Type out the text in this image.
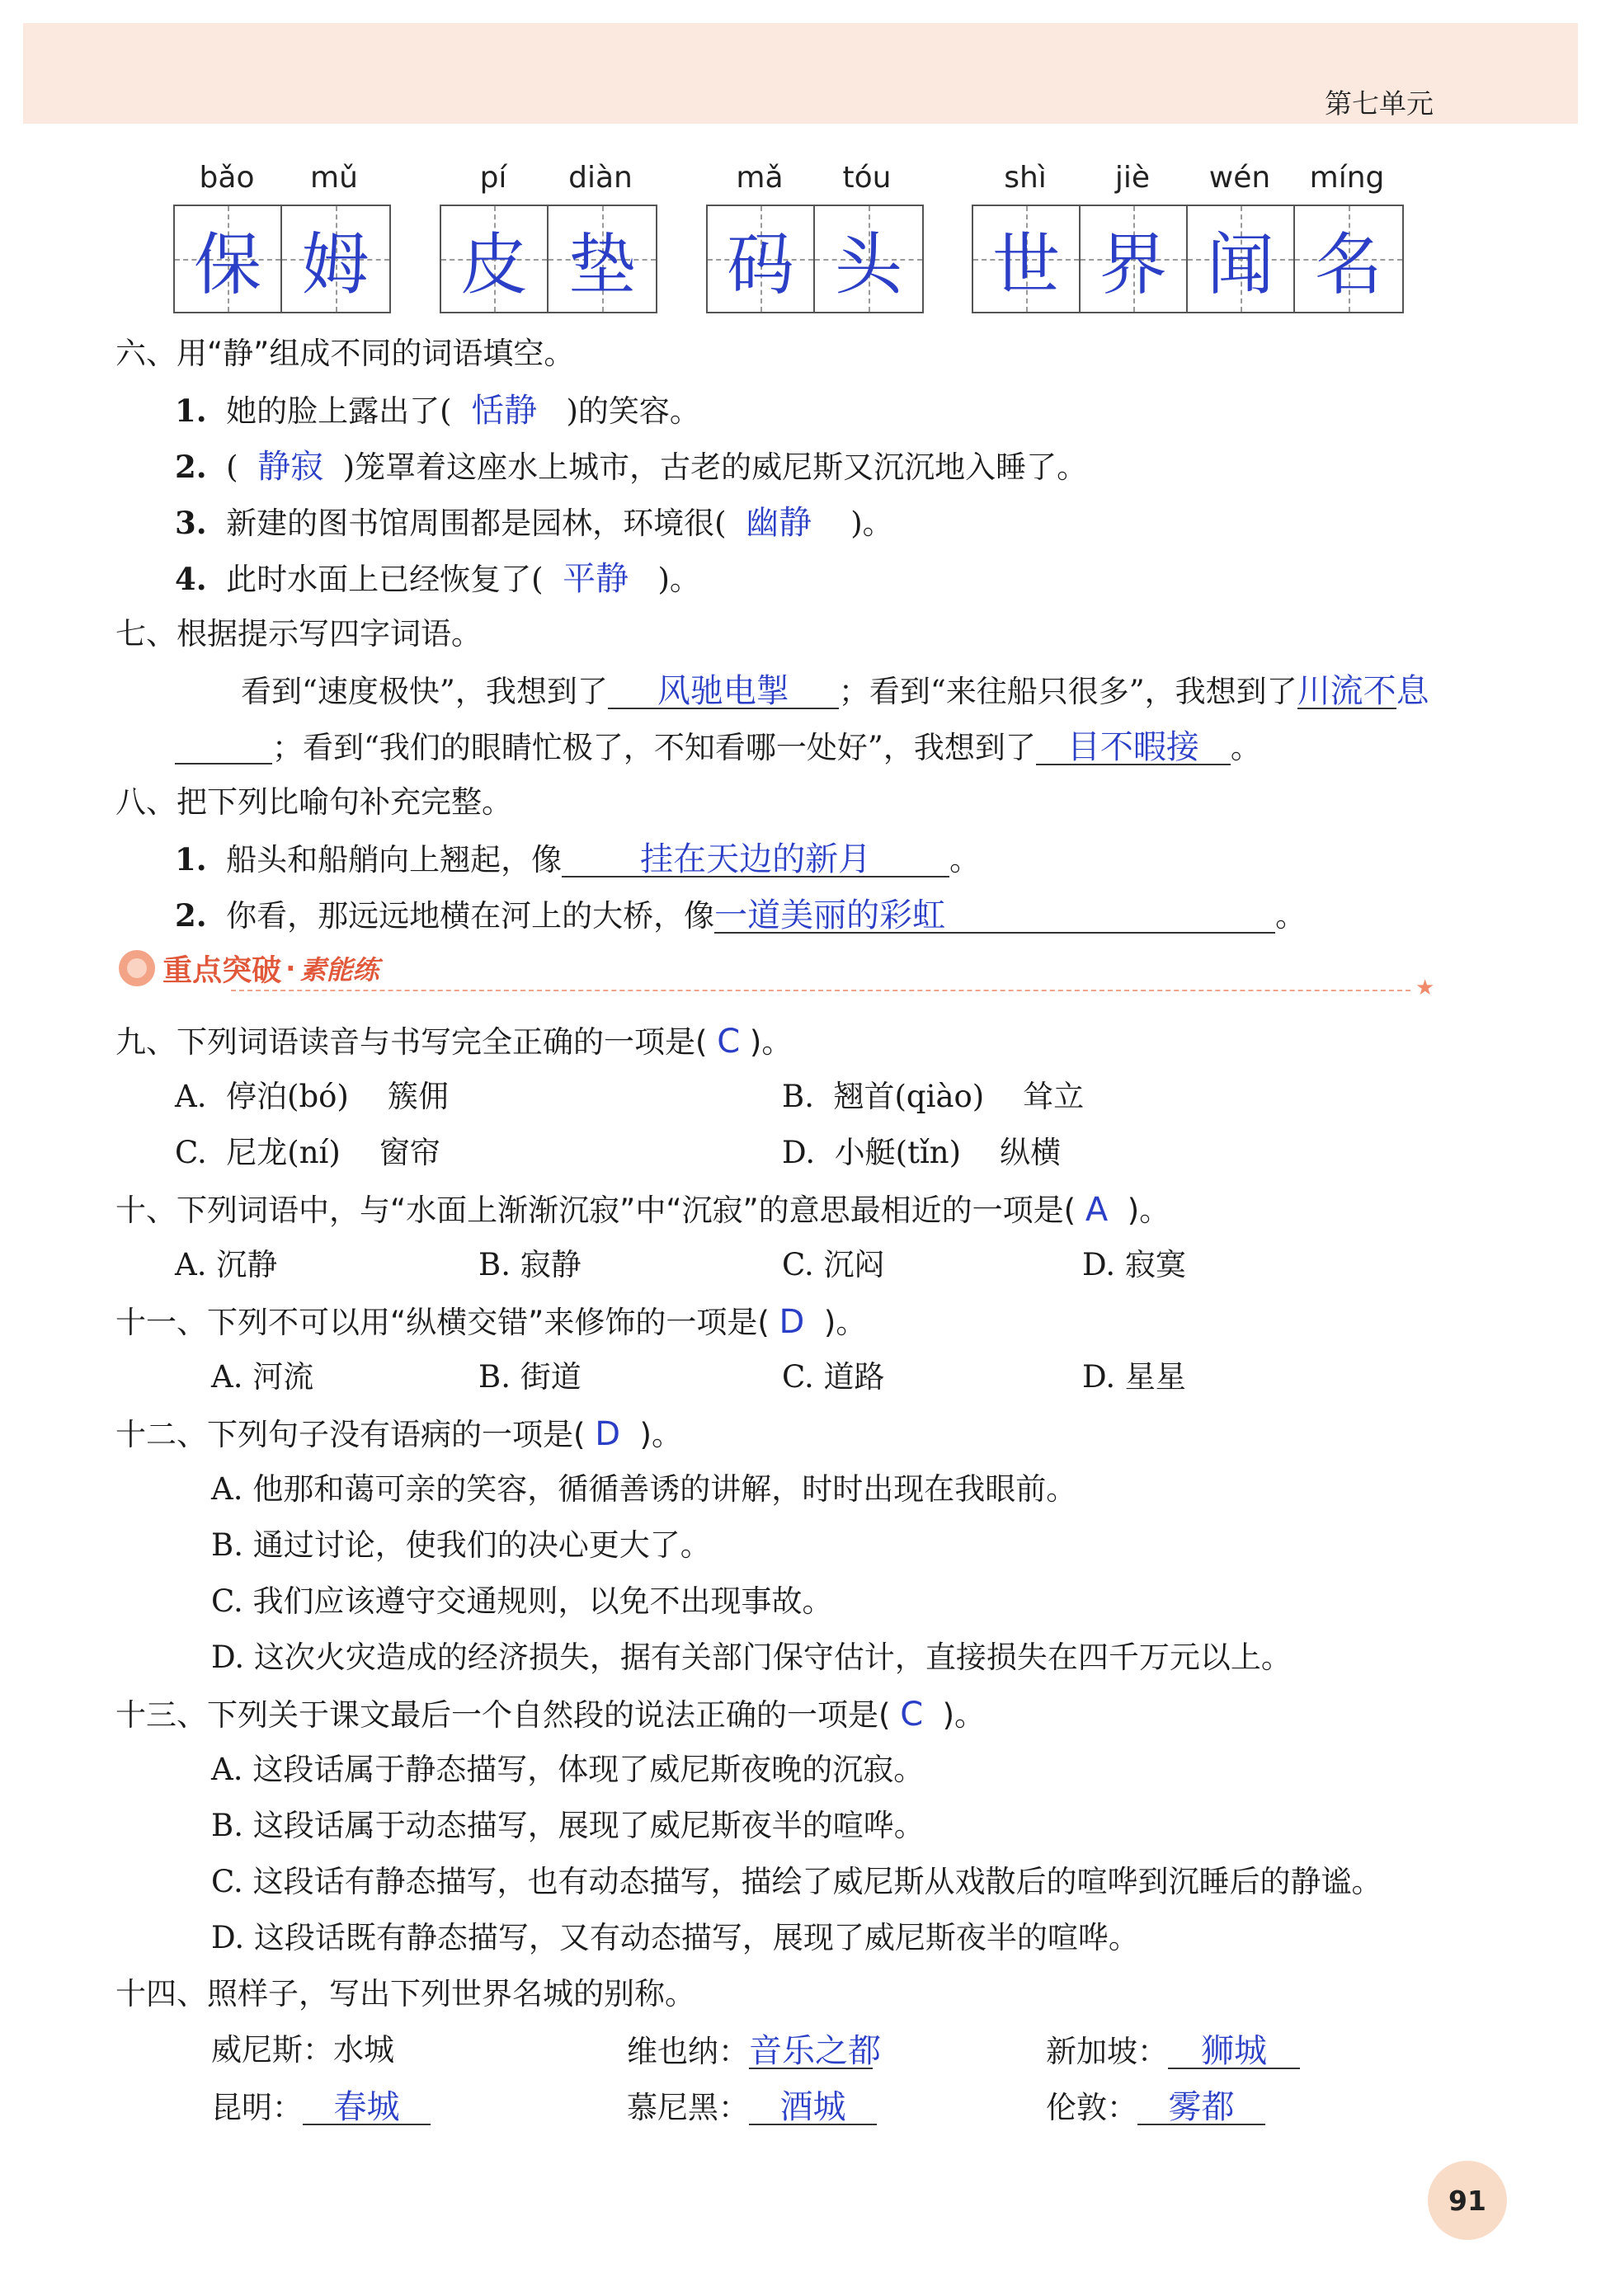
第七单元
bǎo	mǔ
保 姆
pí	diàn
皮 垫
mǎ	tóu
码 头
shì	jiè	wén	míng
世 界 闻 名
六、用“静”组成不同的词语填空。
1. 她的脸上露出了( 恬静 )的笑容。
2. ( 静寂 )笼罩着这座水上城市，古老的威尼斯又沉沉地入睡了。
3. 新建的图书馆周围都是园林，环境很( 幽静 )。
4. 此时水面上已经恢复了( 平静 )。
七、根据提示写四字词语。
看到“速度极快”，我想到了 风驰电掣 ；看到“来往船只很多”，我想到了川流不息
；看到“我们的眼睛忙极了，不知看哪一处好”，我想到了 目不暇接 。
八、把下列比喻句补充完整。
1. 船头和船艄向上翘起，像 挂在天边的新月	。
2. 你看，那远远地横在河上的大桥，像一道美丽的彩虹	。
重点突破 · 素能练
★
九、下列词语读音与书写完全正确的一项是( C )。
A. 停泊(bó) 簇佣	B. 翘首(qiào) 耸立
C. 尼龙(ní) 窗帘	D. 小艇(tǐn) 纵横
十、下列词语中，与“水面上渐渐沉寂”中“沉寂”的意思最相近的一项是( A )。
A. 沉静	B. 寂静	C. 沉闷	D. 寂寞
十一、下列不可以用“纵横交错”来修饰的一项是( D )。
A. 河流	B. 街道	C. 道路	D. 星星
十二、下列句子没有语病的一项是( D )。
A. 他那和蔼可亲的笑容，循循善诱的讲解，时时出现在我眼前。
B. 通过讨论，使我们的决心更大了。
C. 我们应该遵守交通规则，以免不出现事故。
D. 这次火灾造成的经济损失，据有关部门保守估计，直接损失在四千万元以上。
十三、下列关于课文最后一个自然段的说法正确的一项是( C )。
A. 这段话属于静态描写，体现了威尼斯夜晚的沉寂。
B. 这段话属于动态描写，展现了威尼斯夜半的喧哗。
C. 这段话有静态描写，也有动态描写，描绘了威尼斯从戏散后的喧哗到沉睡后的静谧。
D. 这段话既有静态描写，又有动态描写，展现了威尼斯夜半的喧哗。
十四、照样子，写出下列世界名城的别称。
威尼斯：水城	维也纳：音乐之都	新加坡： 狮城
昆明： 春城	慕尼黑： 酒城	伦敦： 雾都
91
